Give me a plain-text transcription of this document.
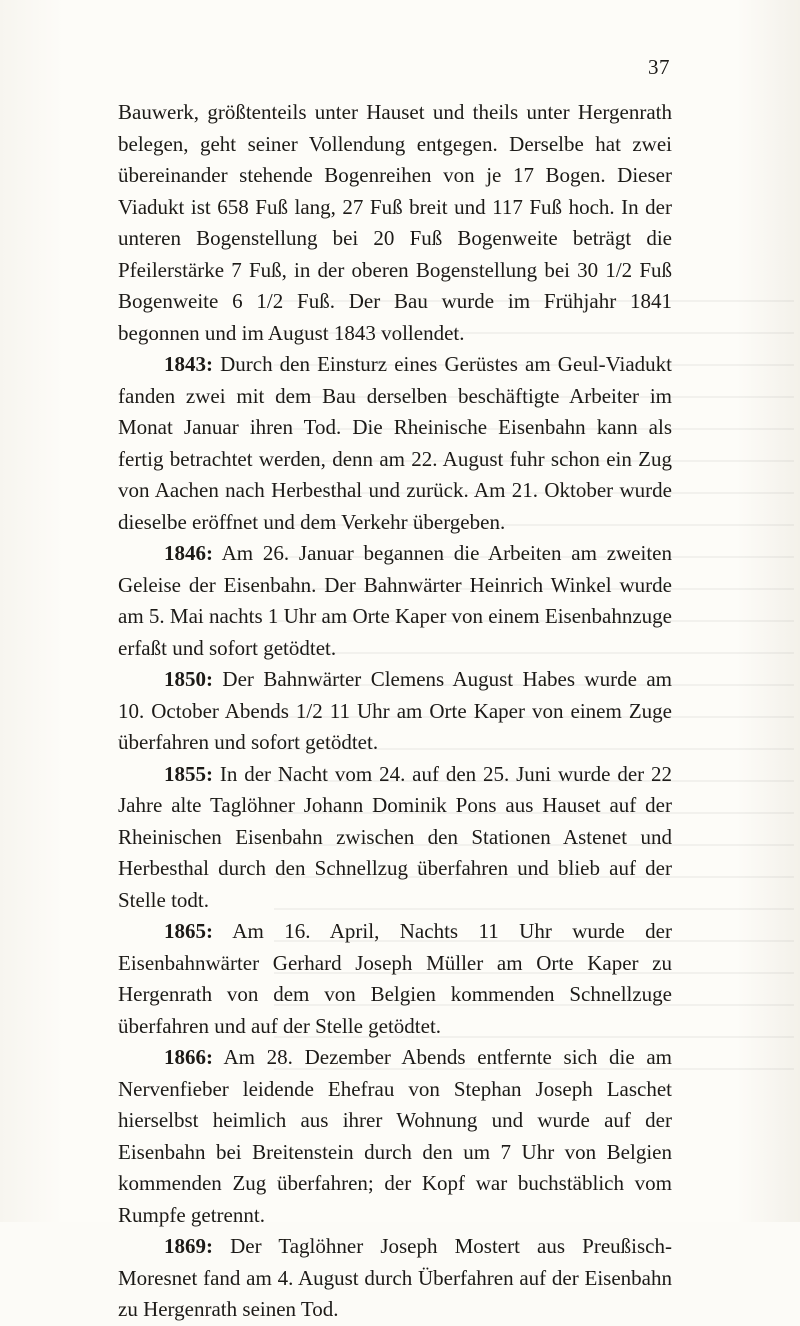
37

Bauwerk, größtenteils unter Hauset und theils unter Hergenrath belegen, geht seiner Vollendung entgegen. Derselbe hat zwei übereinander stehende Bogenreihen von je 17 Bogen. Dieser Viadukt ist 658 Fuß lang, 27 Fuß breit und 117 Fuß hoch. In der unteren Bogenstellung bei 20 Fuß Bogenweite beträgt die Pfeilerstärke 7 Fuß, in der oberen Bogenstellung bei 30 1/2 Fuß Bogenweite 6 1/2 Fuß. Der Bau wurde im Frühjahr 1841 begonnen und im August 1843 vollendet.

1843: Durch den Einsturz eines Gerüstes am Geul-Viadukt fanden zwei mit dem Bau derselben beschäftigte Arbeiter im Monat Januar ihren Tod. Die Rheinische Eisenbahn kann als fertig betrachtet werden, denn am 22. August fuhr schon ein Zug von Aachen nach Herbesthal und zurück. Am 21. Oktober wurde dieselbe eröffnet und dem Verkehr übergeben.

1846: Am 26. Januar begannen die Arbeiten am zweiten Geleise der Eisenbahn. Der Bahnwärter Heinrich Winkel wurde am 5. Mai nachts 1 Uhr am Orte Kaper von einem Eisenbahnzuge erfaßt und sofort getödtet.

1850: Der Bahnwärter Clemens August Habes wurde am 10. October Abends 1/2 11 Uhr am Orte Kaper von einem Zuge überfahren und sofort getödtet.

1855: In der Nacht vom 24. auf den 25. Juni wurde der 22 Jahre alte Taglöhner Johann Dominik Pons aus Hauset auf der Rheinischen Eisenbahn zwischen den Stationen Astenet und Herbesthal durch den Schnellzug überfahren und blieb auf der Stelle todt.

1865: Am 16. April, Nachts 11 Uhr wurde der Eisenbahnwärter Gerhard Joseph Müller am Orte Kaper zu Hergenrath von dem von Belgien kommenden Schnellzuge überfahren und auf der Stelle getödtet.

1866: Am 28. Dezember Abends entfernte sich die am Nervenfieber leidende Ehefrau von Stephan Joseph Laschet hierselbst heimlich aus ihrer Wohnung und wurde auf der Eisenbahn bei Breitenstein durch den um 7 Uhr von Belgien kommenden Zug überfahren; der Kopf war buchstäblich vom Rumpfe getrennt.

1869: Der Taglöhner Joseph Mostert aus Preußisch-Moresnet fand am 4. August durch Überfahren auf der Eisenbahn zu Hergenrath seinen Tod.
